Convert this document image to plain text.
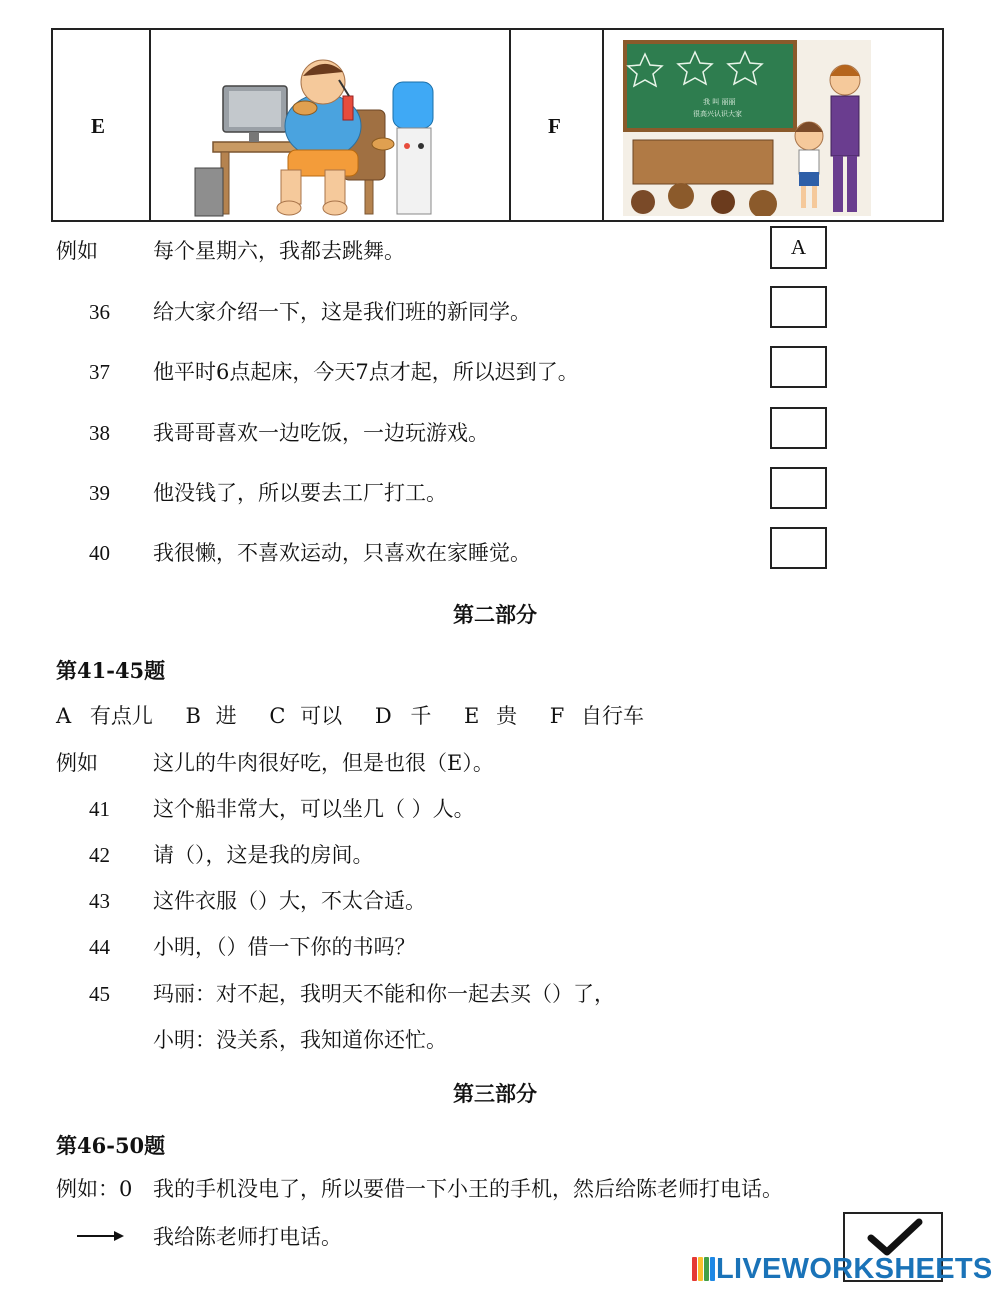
E	F
我 叫 丽丽
很高兴认识大家
例如	每个星期六，我都去跳舞。	A
36 给大家介绍一下，这是我们班的新同学。
37 他平时6点起床，今天7点才起，所以迟到了。
38 我哥哥喜欢一边吃饭，一边玩游戏。
39 他没钱了，所以要去工厂打工。
40 我很懒，不喜欢运动，只喜欢在家睡觉。
第二部分
第41-45题
A 有点儿 B 进 C 可以 D 千 E 贵 F 自行车
例如	这儿的牛肉很好吃，但是也很（E）。
41 这个船非常大，可以坐几（ ）人。
42 请（），这是我的房间。
43 这件衣服（）大，不太合适。
44 小明，（）借一下你的书吗？
45 玛丽：对不起，我明天不能和你一起去买（）了，
小明：没关系，我知道你还忙。
第三部分
第46-50题
例如：0 我的手机没电了，所以要借一下小王的手机，然后给陈老师打电话。
我给陈老师打电话。
LIVEWORKSHEETS
